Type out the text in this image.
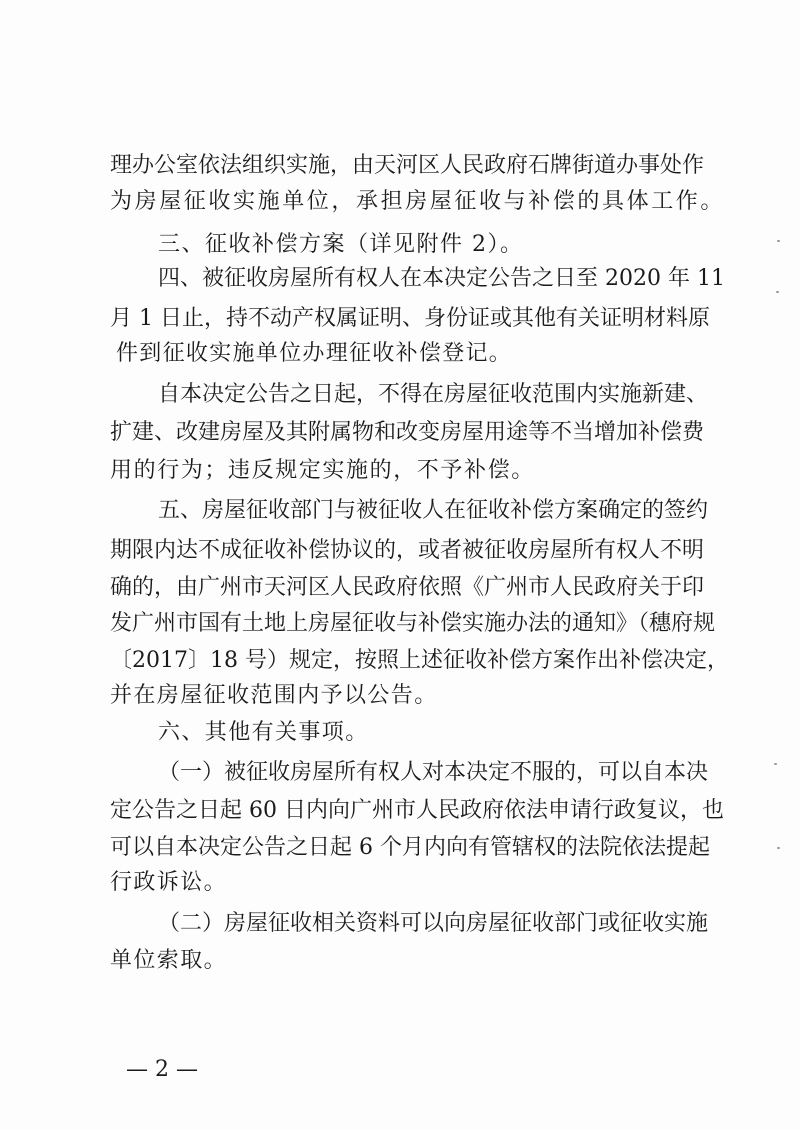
理办公室依法组织实施，由天河区人民政府石牌街道办事处作
为房屋征收实施单位，承担房屋征收与补偿的具体工作。
三、征收补偿方案（详见附件 2）。
四、被征收房屋所有权人在本决定公告之日至 2020 年 11
月 1 日止，持不动产权属证明、身份证或其他有关证明材料原
件到征收实施单位办理征收补偿登记。
自本决定公告之日起，不得在房屋征收范围内实施新建、
扩建、改建房屋及其附属物和改变房屋用途等不当增加补偿费
用的行为；违反规定实施的，不予补偿。
五、房屋征收部门与被征收人在征收补偿方案确定的签约
期限内达不成征收补偿协议的，或者被征收房屋所有权人不明
确的，由广州市天河区人民政府依照《广州市人民政府关于印
发广州市国有土地上房屋征收与补偿实施办法的通知》（穗府规
〔2017〕18 号）规定，按照上述征收补偿方案作出补偿决定，
并在房屋征收范围内予以公告。
六、其他有关事项。
（一）被征收房屋所有权人对本决定不服的，可以自本决
定公告之日起 60 日内向广州市人民政府依法申请行政复议，也
可以自本决定公告之日起 6 个月内向有管辖权的法院依法提起
行政诉讼。
（二）房屋征收相关资料可以向房屋征收部门或征收实施
单位索取。
— 2 —
